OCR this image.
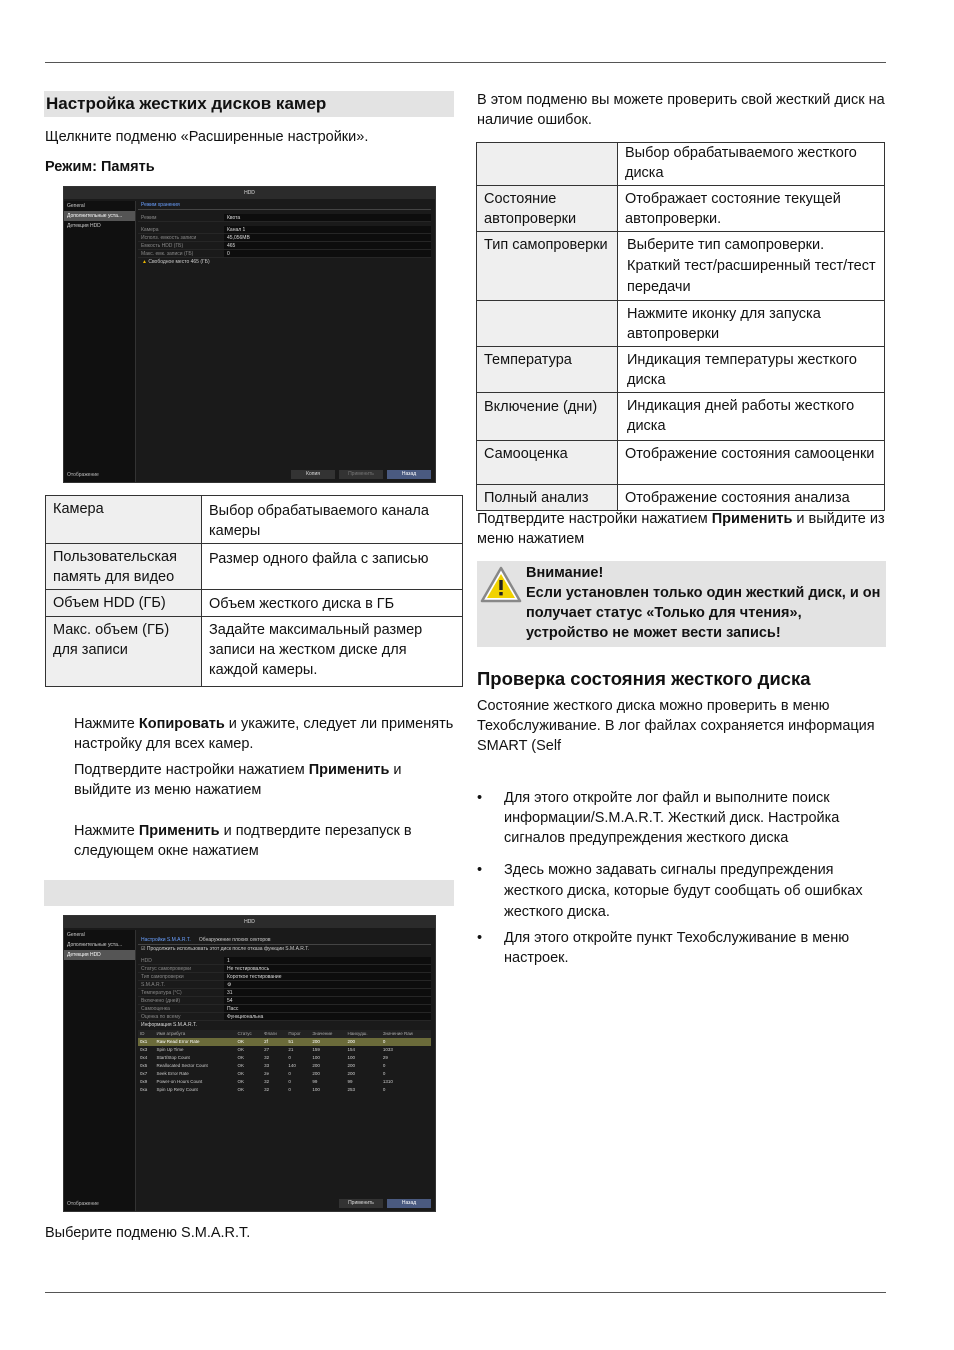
Настройка жестких дисков камер

Щелкните подменю «Расширенные настройки».

Режим: Память

HDD
General
Дополнительные уста...
Детекция HDD
Отображение
Режим хранения
Режим	Квота
Камера	Канал 1
Исполз. емкость записи	45,056MB
Емкость HDD (ГБ)	465
Макс. емк. записи (ГБ)	0
▲ Свободное место 465 (ГБ)
Копия	Применить	Назад
Камера	Выбор обрабатываемого канала камеры
Пользовательская память для видео	Размер одного файла с записью
Объем HDD (ГБ)	Объем жесткого диска в ГБ
Макс. объем (ГБ) для записи	Задайте максимальный размер записи на жестком диске для каждой камеры.

Нажмите Копировать и укажите, следует ли применять настройку для всех камер.

Подтвердите настройки нажатием Применить и выйдите из меню нажатием

Нажмите Применить и подтвердите перезапуск в следующем окне нажатием

HDD
General
Дополнительные уста...
Детекция HDD
Отображение
Настройки S.M.A.R.T. Обнаружение плохих секторов
☑ Продолжить использовать этот диск после отказа функции S.M.A.R.T.
HDD	1
Статус самопроверки	Не тестировалось
Тип самопроверки	Короткое тестирование
S.M.A.R.T.	⚙
Температура (°C)	31
Включено (дней)	54
Самооценка	Пасс
Оценка по всему	Функциональна
Информация S.M.A.R.T.
ID	Имя атрибута	Статус	Флаги	Порог	Значение	Наихудш.	Значение Raw
0x1	Raw Read Error Rate	OK	2f	51	200	200	0
0x3	Spin Up Time	OK	27	21	159	154	1033
0x4	Start/Stop Count	OK	32	0	100	100	29
0x5	Reallocated Sector Count	OK	33	140	200	200	0
0x7	Seek Error Rate	OK	2e	0	200	200	0
0x9	Power-on Hours Count	OK	32	0	99	99	1310
0xa	Spin Up Retry Count	OK	32	0	100	253	0
Применить	Назад

Выберите подменю S.M.A.R.T.

В этом подменю вы можете проверить свой жесткий диск на наличие ошибок.

	Выбор обрабатываемого жесткого диска
Состояние автопроверки	Отображает состояние текущей автопроверки.
Тип самопроверки	Выберите тип самопроверки. Краткий тест/расширенный тест/тест передачи
	Нажмите иконку для запуска автопроверки
Температура	Индикация температуры жесткого диска
Включение (дни)	Индикация дней работы жесткого диска
Самооценка	Отображение состояния самооценки
Полный анализ	Отображение состояния анализа

Подтвердите настройки нажатием Применить и выйдите из меню нажатием

Внимание!
Если установлен только один жесткий диск, и он получает статус «Только для чтения», устройство не может вести запись!
Проверка состояния жесткого диска

Состояние жесткого диска можно проверить в меню Техобслуживание. В лог файлах сохраняется информация SMART (Self

• Для этого откройте лог файл и выполните поиск информации/S.M.A.R.T. Жесткий диск. Настройка сигналов предупреждения жесткого диска
• Здесь можно задавать сигналы предупреждения жесткого диска, которые будут сообщать об ошибках жесткого диска.
• Для этого откройте пункт Техобслуживание в меню настроек.
